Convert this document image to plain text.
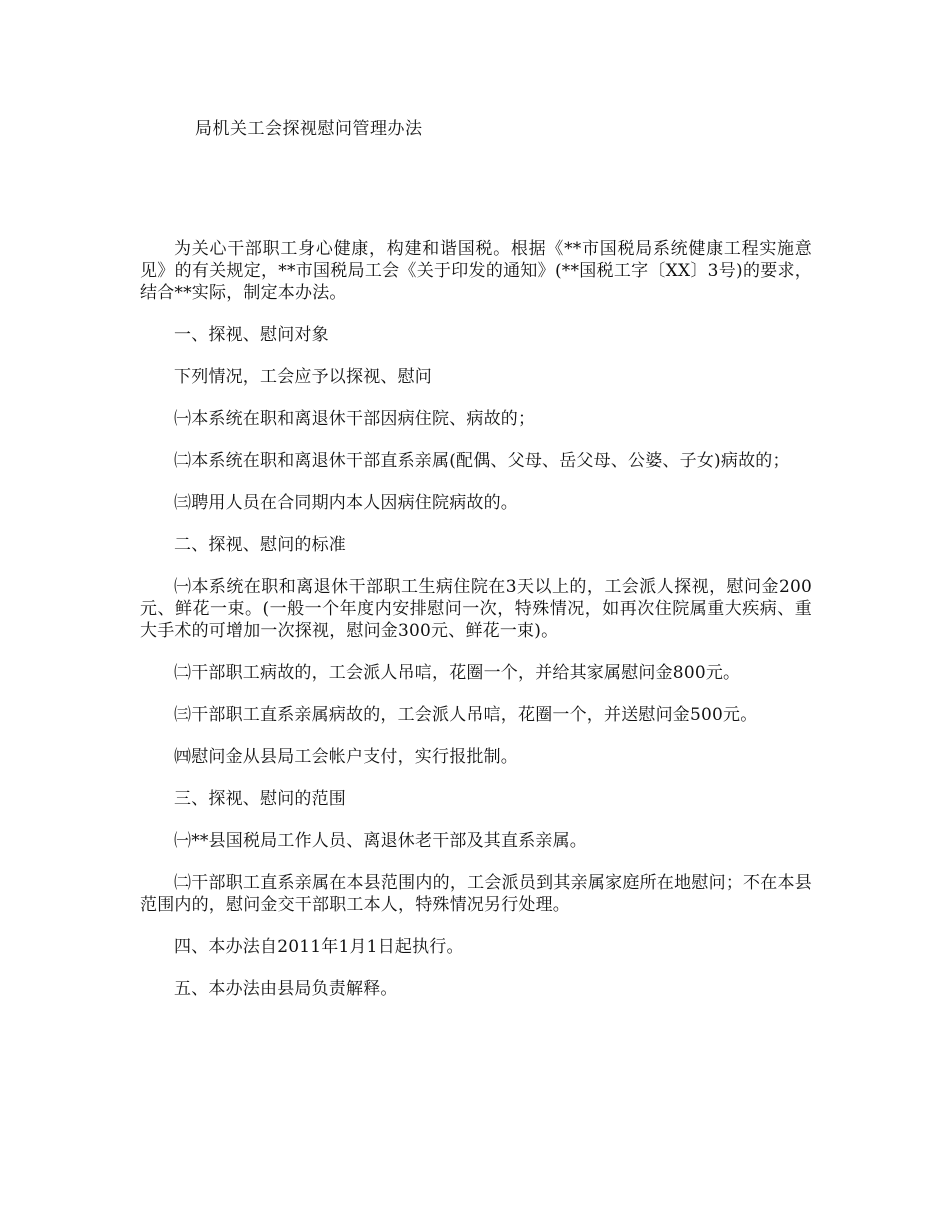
局机关工会探视慰问管理办法

为关心干部职工身心健康，构建和谐国税。根据《**市国税局系统健康工程实施意见》的有关规定，**市国税局工会《关于印发的通知》(**国税工字〔XX〕3号)的要求，结合**实际，制定本办法。

一、探视、慰问对象

下列情况，工会应予以探视、慰问

㈠本系统在职和离退休干部因病住院、病故的；

㈡本系统在职和离退休干部直系亲属(配偶、父母、岳父母、公婆、子女)病故的；

㈢聘用人员在合同期内本人因病住院病故的。

二、探视、慰问的标准

㈠本系统在职和离退休干部职工生病住院在3天以上的，工会派人探视，慰问金200元、鲜花一束。(一般一个年度内安排慰问一次，特殊情况，如再次住院属重大疾病、重大手术的可增加一次探视，慰问金300元、鲜花一束)。

㈡干部职工病故的，工会派人吊唁，花圈一个，并给其家属慰问金800元。

㈢干部职工直系亲属病故的，工会派人吊唁，花圈一个，并送慰问金500元。

㈣慰问金从县局工会帐户支付，实行报批制。

三、探视、慰问的范围

㈠**县国税局工作人员、离退休老干部及其直系亲属。

㈡干部职工直系亲属在本县范围内的，工会派员到其亲属家庭所在地慰问；不在本县范围内的，慰问金交干部职工本人，特殊情况另行处理。

四、本办法自2011年1月1日起执行。

五、本办法由县局负责解释。
